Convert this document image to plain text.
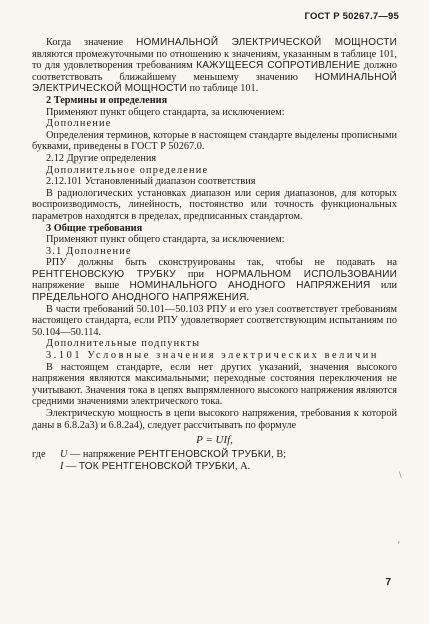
ГОСТ Р 50267.7—95

Когда значение НОМИНАЛЬНОЙ ЭЛЕКТРИЧЕСКОЙ МОЩНОСТИ являются промежуточными по отношению к значениям, указанным в таблице 101, то для удовлетворения требованиям КАЖУЩЕЕСЯ СОПРОТИВЛЕНИЕ должно соответствовать ближайшему меньшему значению НОМИНАЛЬНОЙ ЭЛЕКТРИЧЕСКОЙ МОЩНОСТИ по таблице 101.

2 Термины и определения

Применяют пункт общего стандарта, за исключением:

Дополнение

Определения терминов, которые в настоящем стандарте выделены прописными буквами, приведены в ГОСТ Р 50267.0.

2.12 Другие определения

Дополнительное определение

2.12.101 Установленный диапазон соответствия

В радиологических установках диапазон или серия диапазонов, для которых воспроизводимость, линейность, постоянство или точность функциональных параметров находятся в пределах, предписанных стандартом.

3 Общие требования

Применяют пункт общего стандарта, за исключением:

3.1 Дополнение

РПУ должны быть сконструированы так, чтобы не подавать на РЕНТГЕНОВСКУЮ ТРУБКУ при НОРМАЛЬНОМ ИСПОЛЬЗОВАНИИ напряжение выше НОМИНАЛЬНОГО АНОДНОГО НАПРЯЖЕНИЯ или ПРЕДЕЛЬНОГО АНОДНОГО НАПРЯЖЕНИЯ.

В части требований 50.101—50.103 РПУ и его узел соответствует требованиям настоящего стандарта, если РПУ удовлетворяет соответствующим испытаниям по 50.104—50.114.

Дополнительные подпункты

3.101 Условные значения электрических величин

В настоящем стандарте, если нет других указаний, значения высокого напряжения являются максимальными; переходные состояния переключения не учитывают. Значения тока в цепях выпрямленного высокого напряжения являются средними значениями электрического тока.

Электрическую мощность в цепи высокого напряжения, требования к которой даны в 6.8.2а3) и 6.8.2а4), следует рассчитывать по формуле

P = UIf,
где U — напряжение РЕНТГЕНОВСКОЙ ТРУБКИ, В;
I — ТОК РЕНТГЕНОВСКОЙ ТРУБКИ, А.
\
'
7
